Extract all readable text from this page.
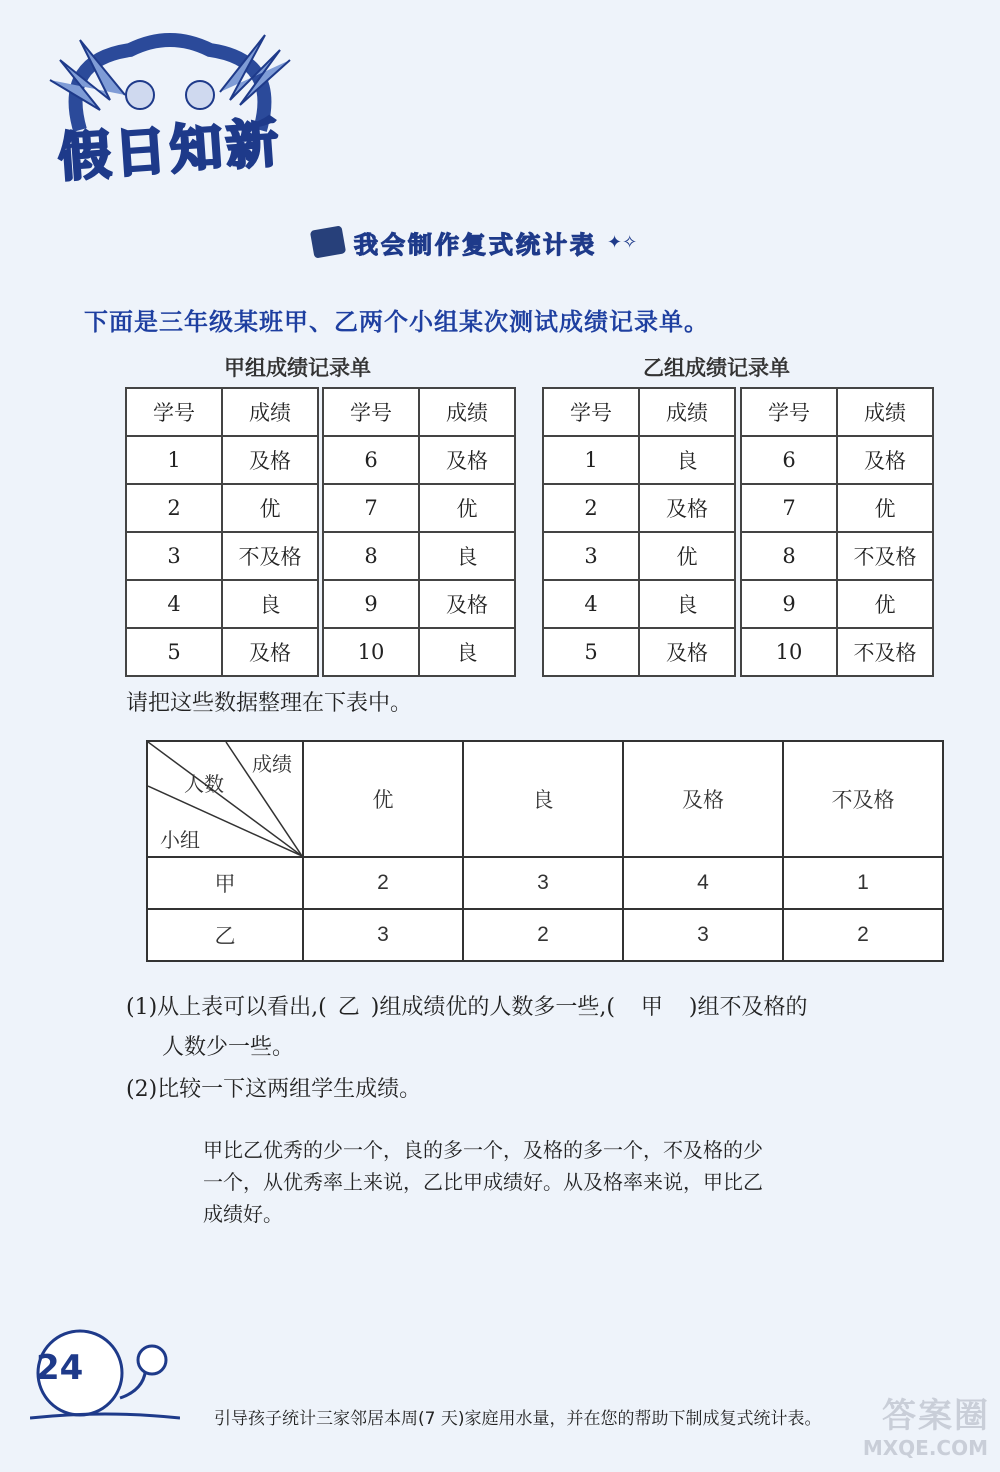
假日知新
我会制作复式统计表 ✦✧
下面是三年级某班甲、乙两个小组某次测试成绩记录单。
甲组成绩记录单	乙组成绩记录单
学号	成绩
1	及格
2	优
3	不及格
4	良
5	及格
学号	成绩
6	及格
7	优
8	良
9	及格
10	良
学号	成绩
1	良
2	及格
3	优
4	良
5	及格
学号	成绩
6	及格
7	优
8	不及格
9	优
10	不及格
请把这些数据整理在下表中。
成绩
人数
小组	优	良	及格	不及格
甲	2	3	4	1
乙	3	2	3	2
(1)从上表可以看出,( 乙 )组成绩优的人数多一些,( 甲 )组不及格的
人数少一些。
(2)比较一下这两组学生成绩。
甲比乙优秀的少一个，良的多一个，及格的多一个，不及格的少一个，从优秀率上来说，乙比甲成绩好。从及格率来说，甲比乙成绩好。
24
引导孩子统计三家邻居本周(7 天)家庭用水量，并在您的帮助下制成复式统计表。	答案圈
MXQE.COM
